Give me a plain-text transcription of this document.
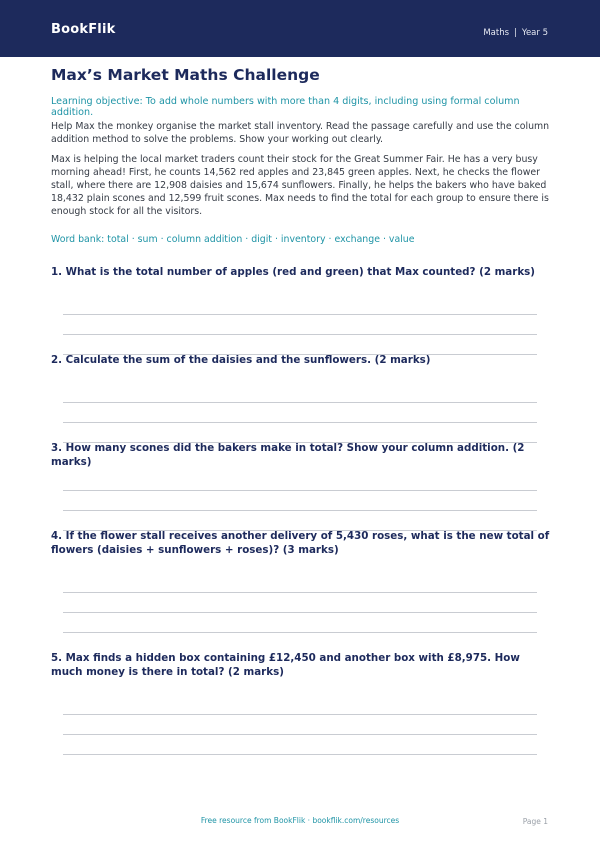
BookFlik	Maths | Year 5
Max’s Market Maths Challenge
Learning objective: To add whole numbers with more than 4 digits, including using formal column addition.

Help Max the monkey organise the market stall inventory. Read the passage carefully and use the column addition method to solve the problems. Show your working out clearly.

Max is helping the local market traders count their stock for the Great Summer Fair. He has a very busy morning ahead! First, he counts 14,562 red apples and 23,845 green apples. Next, he checks the flower stall, where there are 12,908 daisies and 15,674 sunflowers. Finally, he helps the bakers who have baked 18,432 plain scones and 12,599 fruit scones. Max needs to find the total for each group to ensure there is enough stock for all the visitors.

Word bank: total · sum · column addition · digit · inventory · exchange · value

1. What is the total number of apples (red and green) that Max counted? (2 marks)

2. Calculate the sum of the daisies and the sunflowers. (2 marks)

3. How many scones did the bakers make in total? Show your column addition. (2 marks)

4. If the flower stall receives another delivery of 5,430 roses, what is the new total of flowers (daisies + sunflowers + roses)? (3 marks)

5. Max finds a hidden box containing £12,450 and another box with £8,975. How much money is there in total? (2 marks)

Free resource from BookFlik · bookflik.com/resources	Page 1
